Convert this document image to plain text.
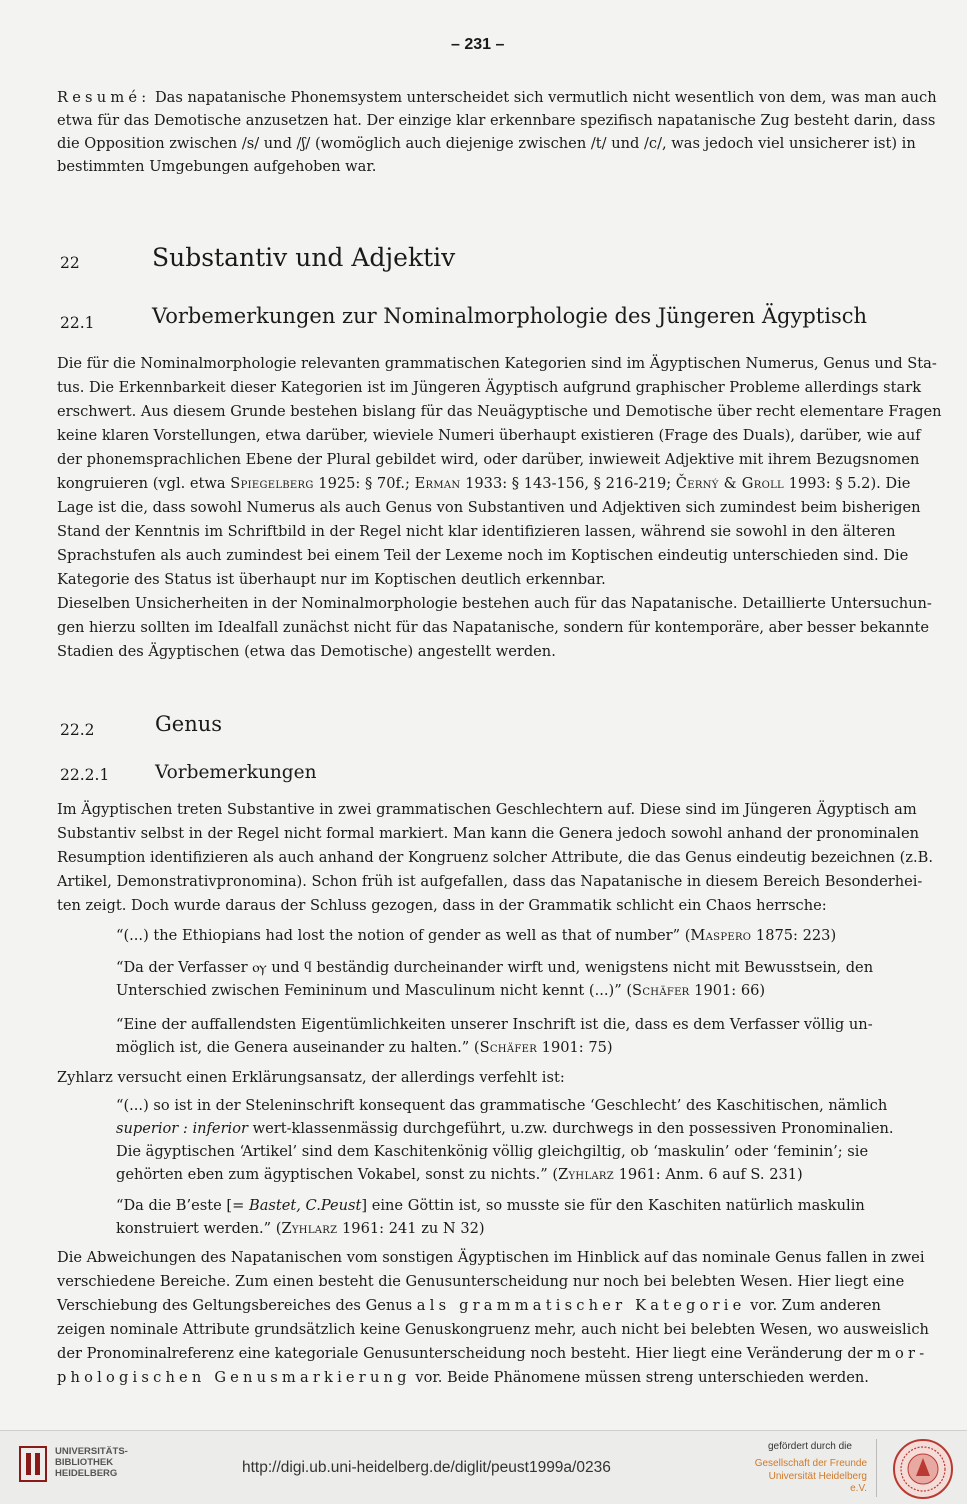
– 231 –
Resumé: Das napatanische Phonemsystem unterscheidet sich vermutlich nicht wesentlich von dem, was man auch
etwa für das Demotische anzusetzen hat. Der einzige klar erkennbare spezifisch napatanische Zug besteht darin, dass
die Opposition zwischen /s/ und /ʃ/ (womöglich auch diejenige zwischen /t/ und /c/, was jedoch viel unsicherer ist) in
bestimmten Umgebungen aufgehoben war.
22	Substantiv und Adjektiv
22.1	Vorbemerkungen zur Nominalmorphologie des Jüngeren Ägyptisch
Die für die Nominalmorphologie relevanten grammatischen Kategorien sind im Ägyptischen Numerus, Genus und Sta-
tus. Die Erkennbarkeit dieser Kategorien ist im Jüngeren Ägyptisch aufgrund graphischer Probleme allerdings stark
erschwert. Aus diesem Grunde bestehen bislang für das Neuägyptische und Demotische über recht elementare Fragen
keine klaren Vorstellungen, etwa darüber, wieviele Numeri überhaupt existieren (Frage des Duals), darüber, wie auf
der phonemsprachlichen Ebene der Plural gebildet wird, oder darüber, inwieweit Adjektive mit ihrem Bezugsnomen
kongruieren (vgl. etwa Spiegelberg 1925: § 70f.; Erman 1933: § 143-156, § 216-219; Černý & Groll 1993: § 5.2). Die
Lage ist die, dass sowohl Numerus als auch Genus von Substantiven und Adjektiven sich zumindest beim bisherigen
Stand der Kenntnis im Schriftbild in der Regel nicht klar identifizieren lassen, während sie sowohl in den älteren
Sprachstufen als auch zumindest bei einem Teil der Lexeme noch im Koptischen eindeutig unterschieden sind. Die
Kategorie des Status ist überhaupt nur im Koptischen deutlich erkennbar.
Dieselben Unsicherheiten in der Nominalmorphologie bestehen auch für das Napatanische. Detaillierte Untersuchun-
gen hierzu sollten im Idealfall zunächst nicht für das Napatanische, sondern für kontemporäre, aber besser bekannte
Stadien des Ägyptischen (etwa das Demotische) angestellt werden.
22.2	Genus
22.2.1 Vorbemerkungen
Im Ägyptischen treten Substantive in zwei grammatischen Geschlechtern auf. Diese sind im Jüngeren Ägyptisch am
Substantiv selbst in der Regel nicht formal markiert. Man kann die Genera jedoch sowohl anhand der pronominalen
Resumption identifizieren als auch anhand der Kongruenz solcher Attribute, die das Genus eindeutig bezeichnen (z.B.
Artikel, Demonstrativpronomina). Schon früh ist aufgefallen, dass das Napatanische in diesem Bereich Besonderhei-
ten zeigt. Doch wurde daraus der Schluss gezogen, dass in der Grammatik schlicht ein Chaos herrsche:
“(...) the Ethiopians had lost the notion of gender as well as that of number” (Maspero 1875: 223)
“Da der Verfasser ⲟⲩ und ϥ beständig durcheinander wirft und, wenigstens nicht mit Bewusstsein, den
Unterschied zwischen Femininum und Masculinum nicht kennt (...)” (Schäfer 1901: 66)
“Eine der auffallendsten Eigentümlichkeiten unserer Inschrift ist die, dass es dem Verfasser völlig un-
möglich ist, die Genera auseinander zu halten.” (Schäfer 1901: 75)
Zyhlarz versucht einen Erklärungsansatz, der allerdings verfehlt ist:
“(...) so ist in der Steleninschrift konsequent das grammatische ‘Geschlecht’ des Kaschitischen, nämlich
superior : inferior wert-klassenmässig durchgeführt, u.zw. durchwegs in den possessiven Pronominalien.
Die ägyptischen ‘Artikel’ sind dem Kaschitenkönig völlig gleichgiltig, ob ‘maskulin’ oder ‘feminin’; sie
gehörten eben zum ägyptischen Vokabel, sonst zu nichts.” (Zyhlarz 1961: Anm. 6 auf S. 231)
“Da die B’este [= Bastet, C.Peust] eine Göttin ist, so musste sie für den Kaschiten natürlich maskulin
konstruiert werden.” (Zyhlarz 1961: 241 zu N 32)
Die Abweichungen des Napatanischen vom sonstigen Ägyptischen im Hinblick auf das nominale Genus fallen in zwei
verschiedene Bereiche. Zum einen besteht die Genusunterscheidung nur noch bei belebten Wesen. Hier liegt eine
Verschiebung des Geltungsbereiches des Genus als grammatischer Kategorie vor. Zum anderen
zeigen nominale Attribute grundsätzlich keine Genuskongruenz mehr, auch nicht bei belebten Wesen, wo ausweislich
der Pronominalreferenz eine kategoriale Genusunterscheidung noch besteht. Hier liegt eine Veränderung der mor-
phologischen Genusmarkierung vor. Beide Phänomene müssen streng unterschieden werden.
UNIVERSITÄTS-
BIBLIOTHEK
HEIDELBERG	http://digi.ub.uni-heidelberg.de/diglit/peust1999a/0236
gefördert durch die
Gesellschaft der Freunde
Universität Heidelberg e.V.
